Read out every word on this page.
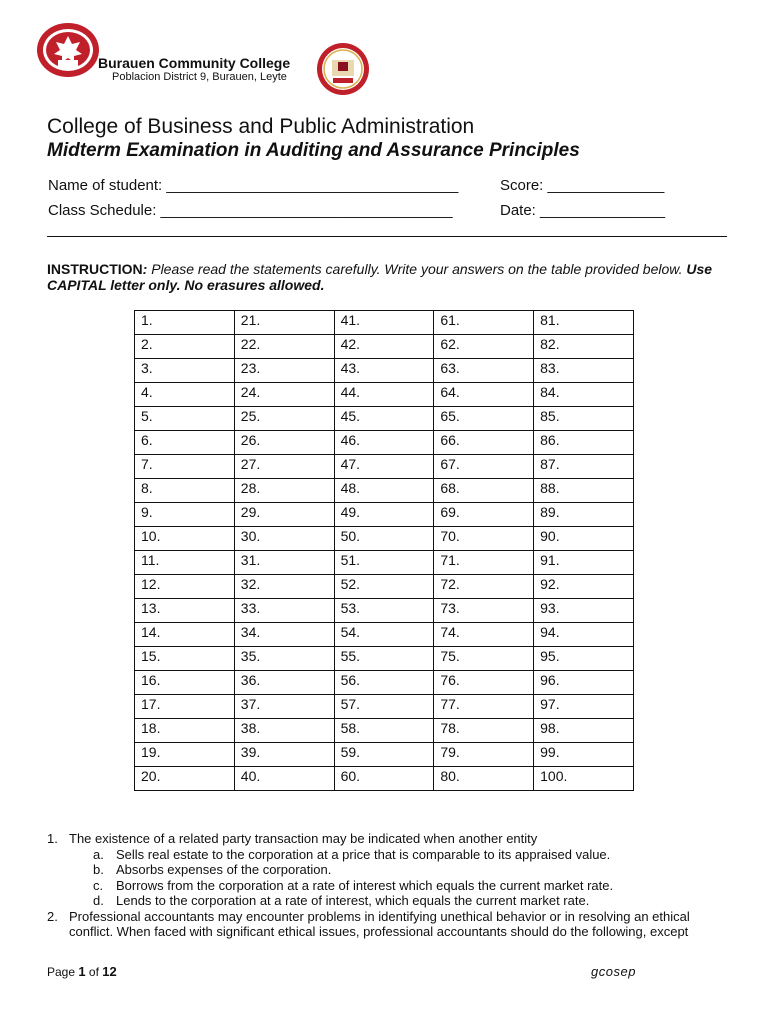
Burauen Community College
Poblacion District 9, Burauen, Leyte
College of Business and Public Administration
Midterm Examination in Auditing and Assurance Principles
Name of student: ___________________________________	Score: ______________
Class Schedule: ___________________________________	Date: _______________
INSTRUCTION: Please read the statements carefully. Write your answers on the table provided below. Use CAPITAL letter only. No erasures allowed.
1.	21.	41.	61.	81.
2.	22.	42.	62.	82.
3.	23.	43.	63.	83.
4.	24.	44.	64.	84.
5.	25.	45.	65.	85.
6.	26.	46.	66.	86.
7.	27.	47.	67.	87.
8.	28.	48.	68.	88.
9.	29.	49.	69.	89.
10.	30.	50.	70.	90.
11.	31.	51.	71.	91.
12.	32.	52.	72.	92.
13.	33.	53.	73.	93.
14.	34.	54.	74.	94.
15.	35.	55.	75.	95.
16.	36.	56.	76.	96.
17.	37.	57.	77.	97.
18.	38.	58.	78.	98.
19.	39.	59.	79.	99.
20.	40.	60.	80.	100.
1. The existence of a related party transaction may be indicated when another entity
a. Sells real estate to the corporation at a price that is comparable to its appraised value.
b. Absorbs expenses of the corporation.
c. Borrows from the corporation at a rate of interest which equals the current market rate.
d. Lends to the corporation at a rate of interest, which equals the current market rate.
2. Professional accountants may encounter problems in identifying unethical behavior or in resolving an ethical conflict. When faced with significant ethical issues, professional accountants should do the following, except
Page 1 of 12	gcosep
